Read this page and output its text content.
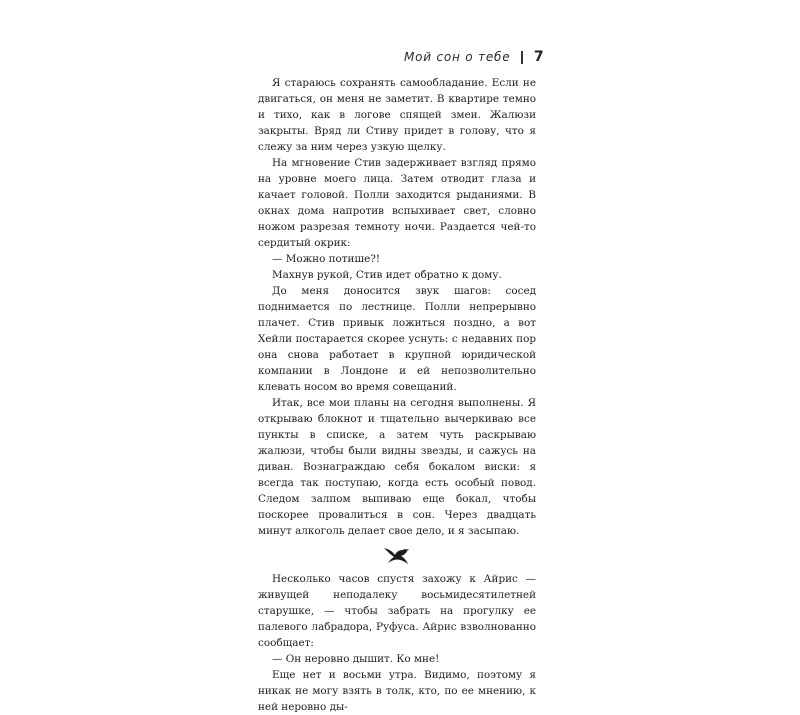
Мой сон о тебе 7

Я стараюсь сохранять самообладание. Если не двигаться, он меня не заметит. В квартире темно и тихо, как в логове спящей змеи. Жалюзи закрыты. Вряд ли Стиву придет в голову, что я слежу за ним через узкую щелку.

На мгновение Стив задерживает взгляд прямо на уровне моего лица. Затем отводит глаза и качает головой. Полли заходится рыданиями. В окнах дома напротив вспыхивает свет, словно ножом разрезая темноту ночи. Раздается чей-то сердитый окрик:

— Можно потише?!

Махнув рукой, Стив идет обратно к дому.

До меня доносится звук шагов: сосед поднимается по лестнице. Полли непрерывно плачет. Стив привык ложиться поздно, а вот Хейли постарается скорее уснуть: с недавних пор она снова работает в крупной юридической компании в Лондоне и ей непозволительно клевать носом во время совещаний.

Итак, все мои планы на сегодня выполнены. Я открываю блокнот и тщательно вычеркиваю все пункты в списке, а затем чуть раскрываю жалюзи, чтобы были видны звезды, и сажусь на диван. Вознаграждаю себя бокалом виски: я всегда так поступаю, когда есть особый повод. Следом залпом выпиваю еще бокал, чтобы поскорее провалиться в сон. Через двадцать минут алкоголь делает свое дело, и я засыпаю.

Несколько часов спустя захожу к Айрис — живущей неподалеку восьмидесятилетней старушке, — чтобы забрать на прогулку ее палевого лабрадора, Руфуса. Айрис взволнованно сообщает:

— Он неровно дышит. Ко мне!

Еще нет и восьми утра. Видимо, поэтому я никак не могу взять в толк, кто, по ее мнению, к ней неровно ды-
